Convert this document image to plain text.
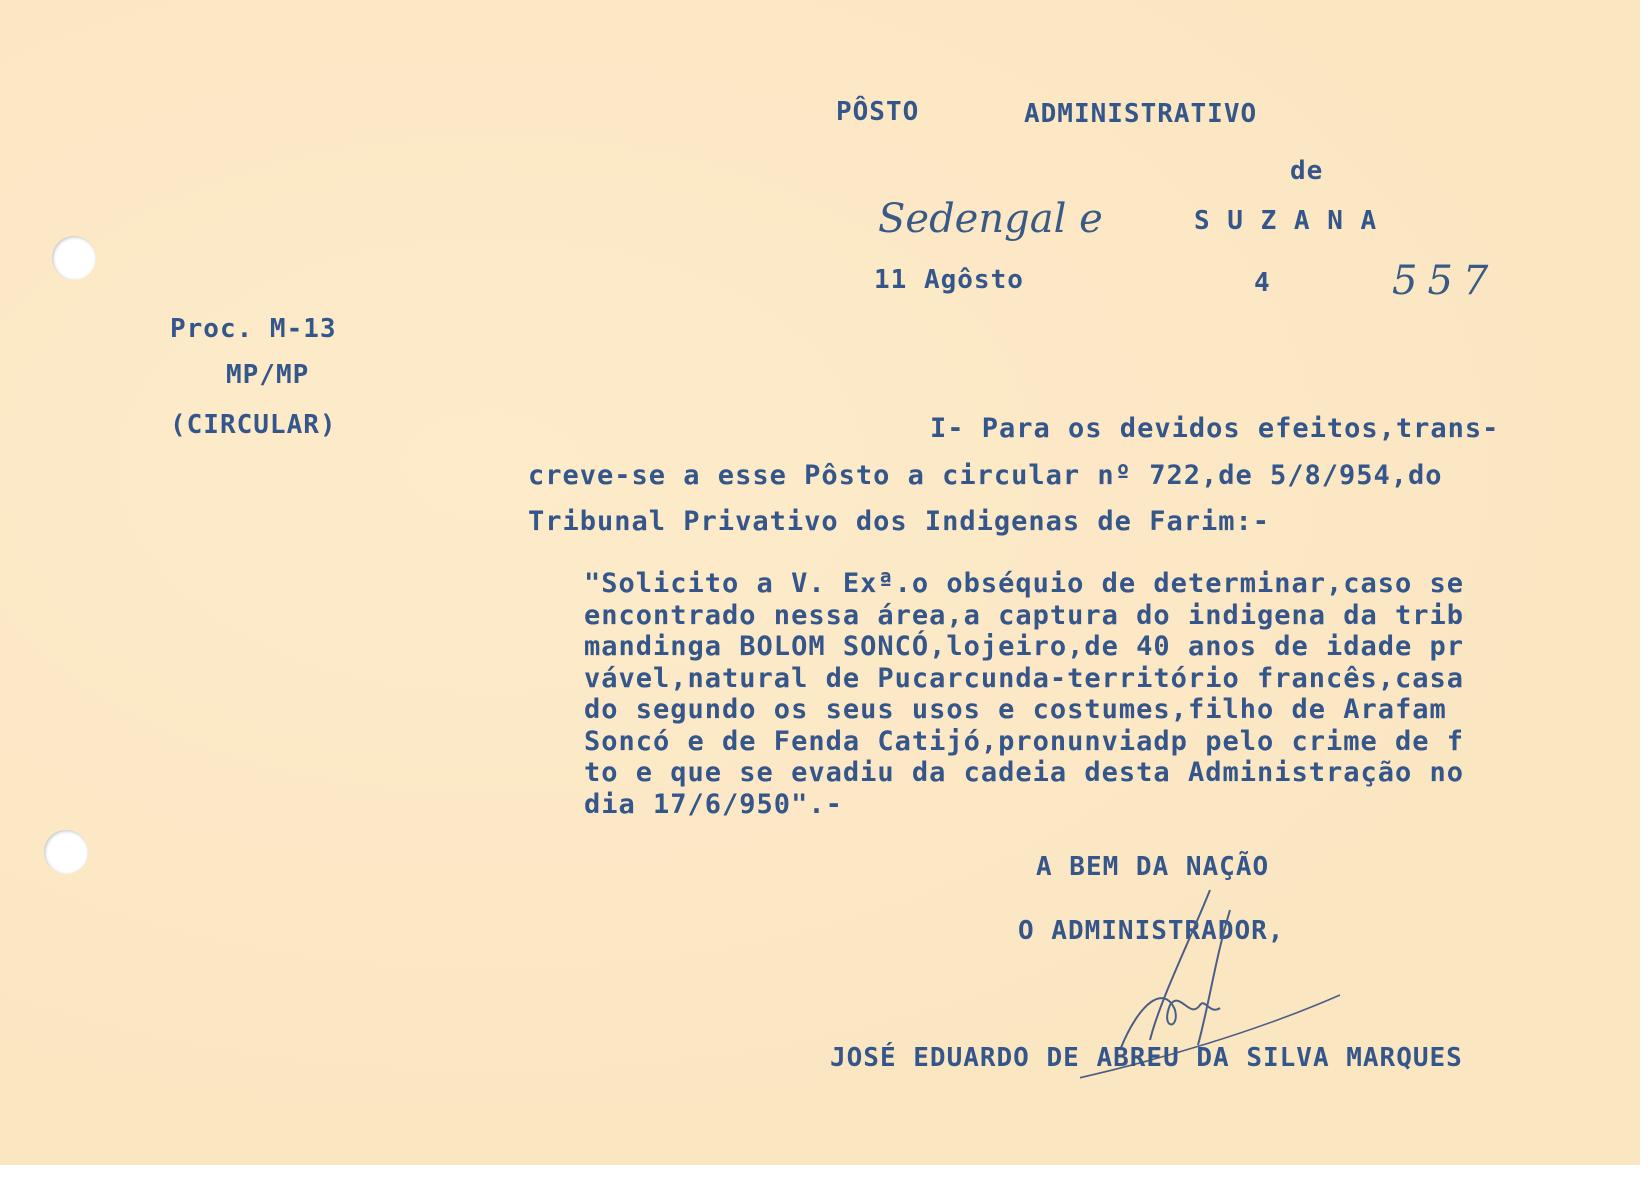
PÔSTO	ADMINISTRATIVO
de
Sedengal e	S U Z A N A
11 Agôsto	4	557
Proc. M-13
MP/MP
(CIRCULAR)	I- Para os devidos efeitos,trans-
creve-se a esse Pôsto a circular nº 722,de 5/8/954,do
Tribunal Privativo dos Indigenas de Farim:-
"Solicito a V. Exª.o obséquio de determinar,caso se
encontrado nessa área,a captura do indigena da trib
mandinga BOLOM SONCÓ,lojeiro,de 40 anos de idade pr
vável,natural de Pucarcunda-território francês,casa
do segundo os seus usos e costumes,filho de Arafam
Soncó e de Fenda Catijó,pronunviadp pelo crime de f
to e que se evadiu da cadeia desta Administração no
dia 17/6/950".-
A BEM DA NAÇÃO
O ADMINISTRADOR,
JOSÉ EDUARDO DE ABREU DA SILVA MARQUES
